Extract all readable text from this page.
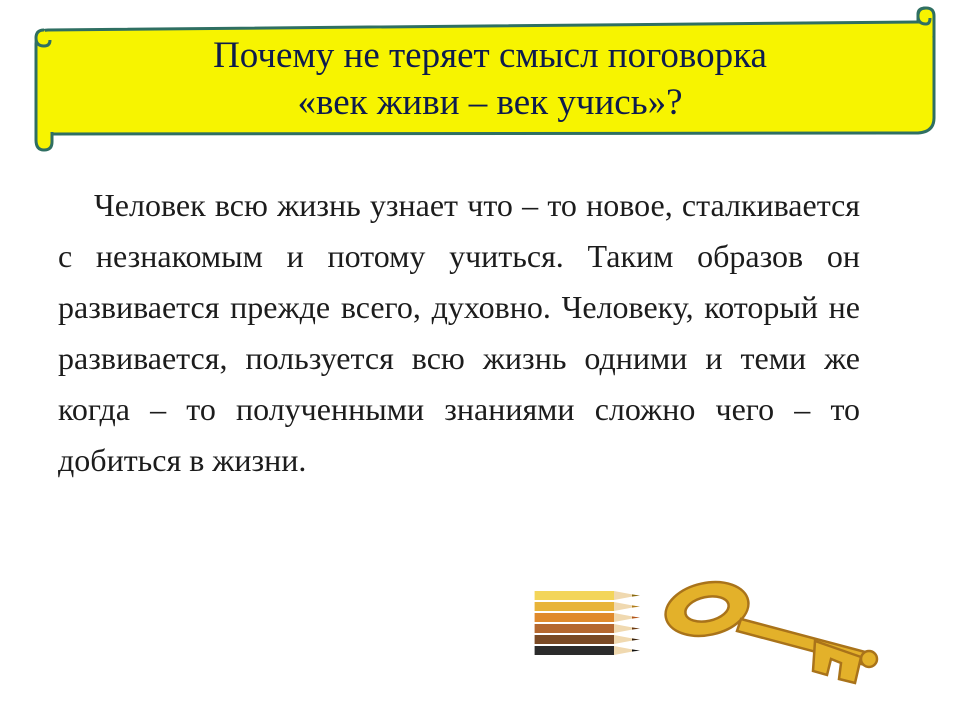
Почему не теряет смысл поговорка
«век живи – век учись»?

Человек всю жизнь узнает что – то новое, сталкивается с незнакомым и потому учиться. Таким образов он развивается прежде всего, духовно. Человеку, который не развивается, пользуется всю жизнь одними и теми же когда – то полученными знаниями сложно чего – то добиться в жизни.
